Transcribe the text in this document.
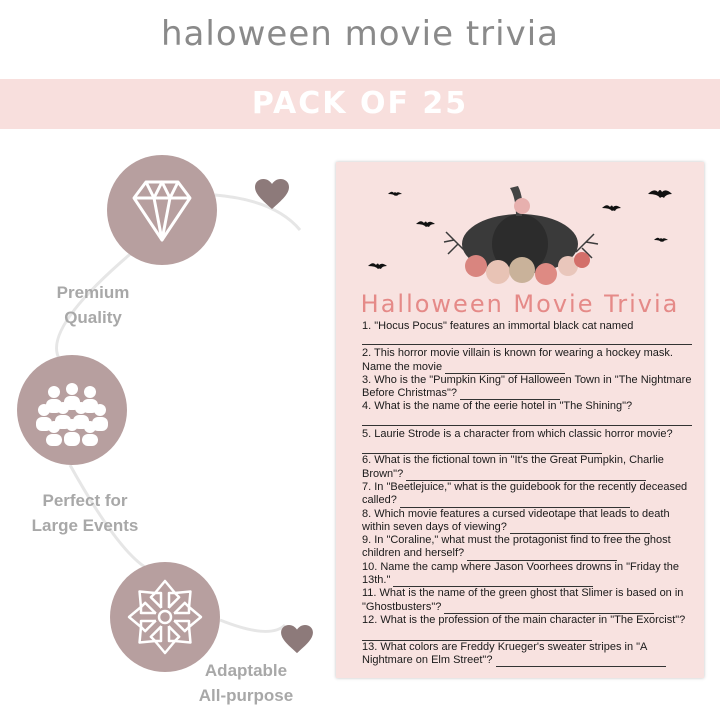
haloween movie trivia
PACK OF 25
Premium
Quality
Perfect for
Large Events
Adaptable
All-purpose
Halloween Movie Trivia
1. "Hocus Pocus" features an immortal black cat named
2. This horror movie villain is known for wearing a hockey mask. Name the movie
3. Who is the "Pumpkin King" of Halloween Town in "The Nightmare Before Christmas"?
4. What is the name of the eerie hotel in "The Shining"?
5. Laurie Strode is a character from which classic horror movie?
6. What is the fictional town in "It's the Great Pumpkin, Charlie Brown"?
7. In "Beetlejuice," what is the guidebook for the recently deceased called?
8. Which movie features a cursed videotape that leads to death within seven days of viewing?
9. In "Coraline," what must the protagonist find to free the ghost children and herself?
10. Name the camp where Jason Voorhees drowns in "Friday the 13th."
11. What is the name of the green ghost that Slimer is based on in "Ghostbusters"?
12. What is the profession of the main character in "The Exorcist"?
13. What colors are Freddy Krueger's sweater stripes in "A Nightmare on Elm Street"?
